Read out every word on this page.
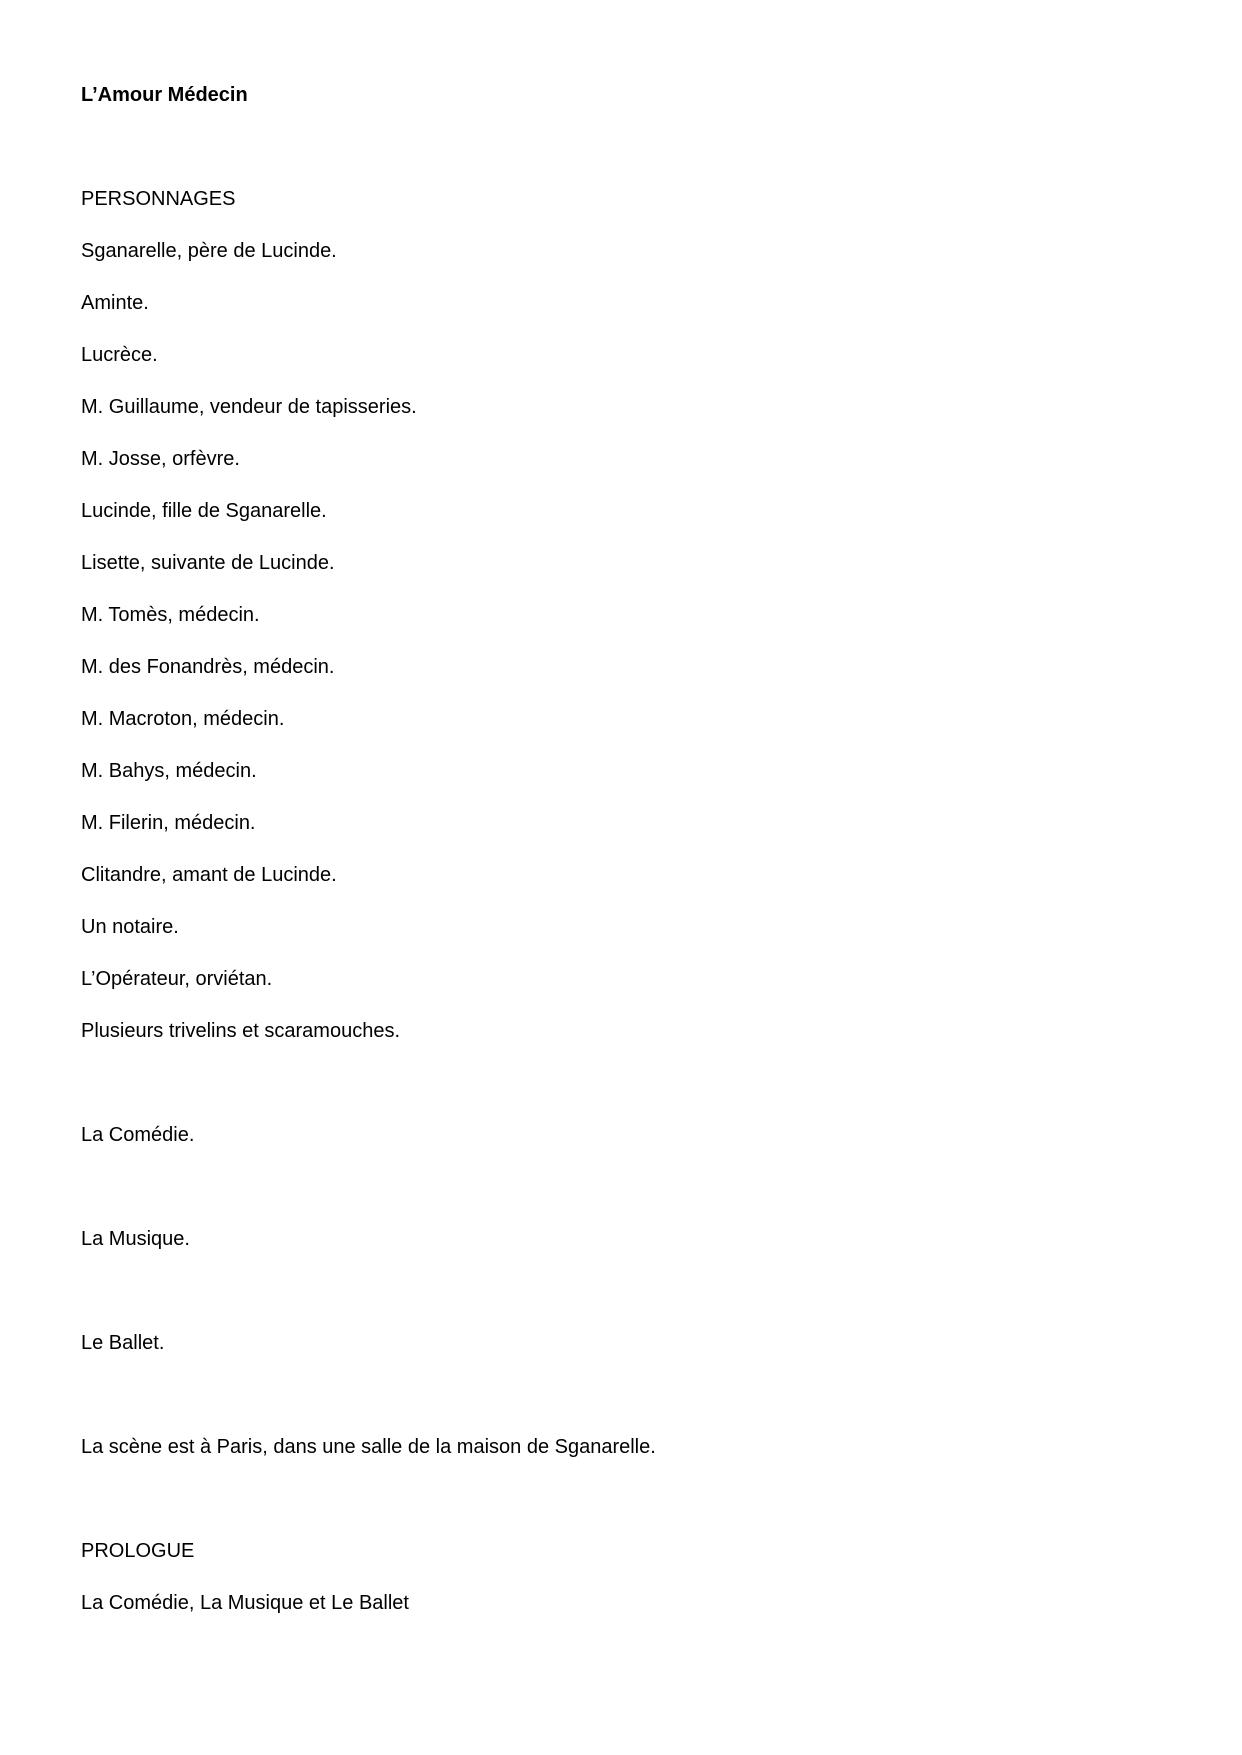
L’Amour Médecin
PERSONNAGES
Sganarelle, père de Lucinde.
Aminte.
Lucrèce.
M. Guillaume, vendeur de tapisseries.
M. Josse, orfèvre.
Lucinde, fille de Sganarelle.
Lisette, suivante de Lucinde.
M. Tomès, médecin.
M. des Fonandrès, médecin.
M. Macroton, médecin.
M. Bahys, médecin.
M. Filerin, médecin.
Clitandre, amant de Lucinde.
Un notaire.
L’Opérateur, orviétan.
Plusieurs trivelins et scaramouches.
La Comédie.
La Musique.
Le Ballet.
La scène est à Paris, dans une salle de la maison de Sganarelle.
PROLOGUE
La Comédie, La Musique et Le Ballet
